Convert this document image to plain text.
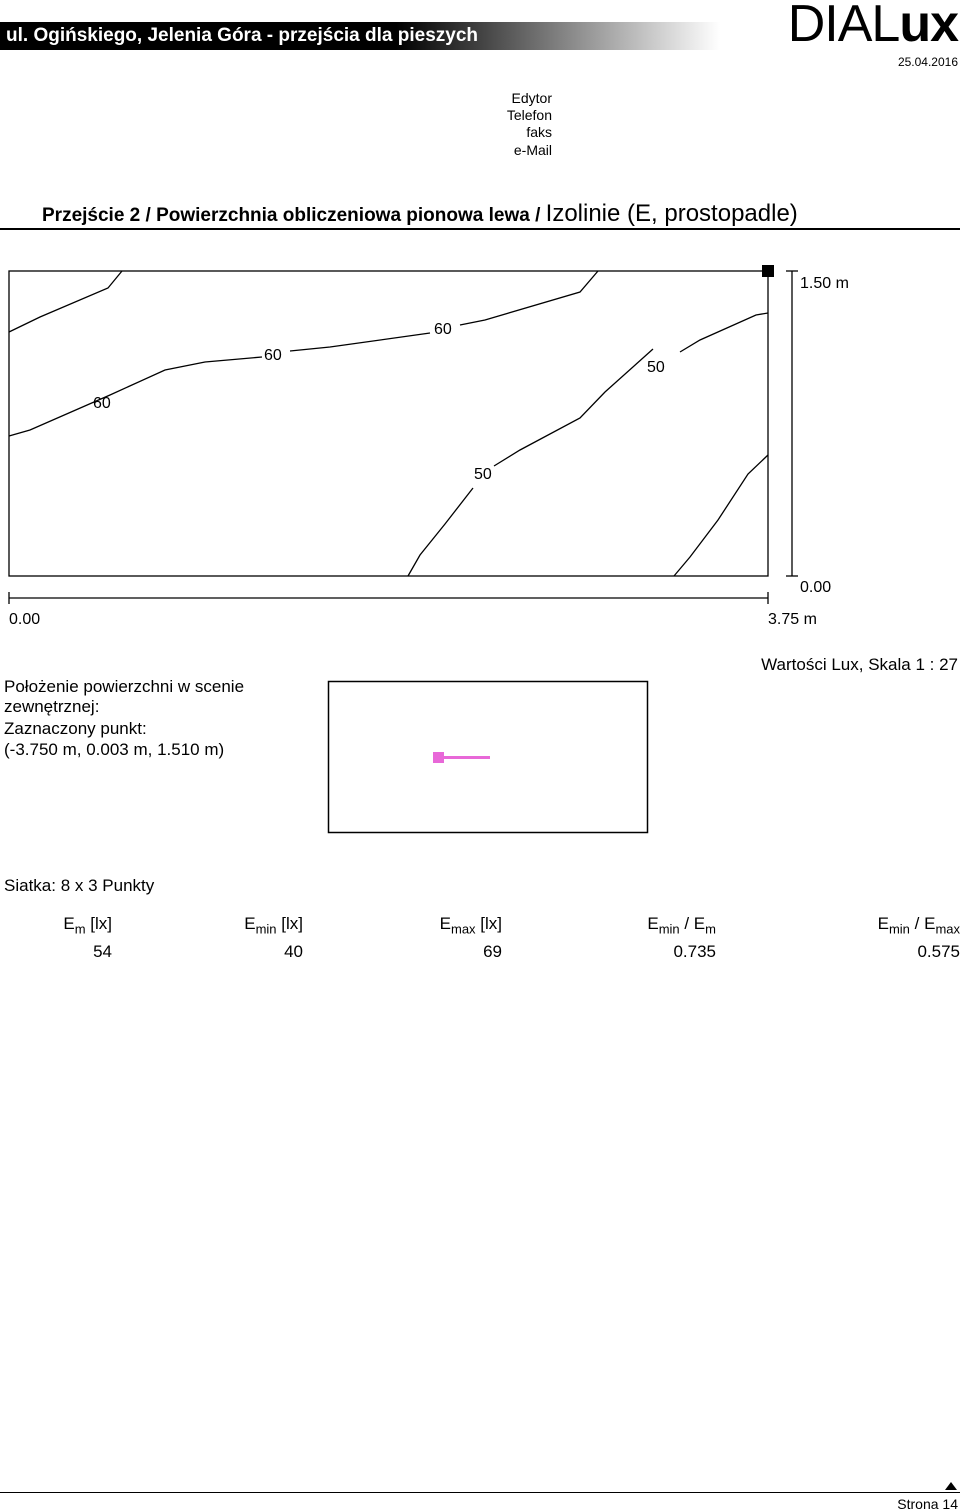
ul. Ogińskiego, Jelenia Góra - przejścia dla pieszych	DIALux
25.04.2016
Edytor
Telefon
faks
e-Mail
Przejście 2 / Powierzchnia obliczeniowa pionowa lewa / Izolinie (E, prostopadle)
60
60
60
50
50
1.50 m
0.00
0.00	3.75 m
Położenie powierzchni w scenie
zewnętrznej:
Zaznaczony punkt:
(-3.750 m, 0.003 m, 1.510 m)
Wartości Lux, Skala 1 : 27
Siatka: 8 x 3 Punkty
$E_m$ [lx]	$E_{min}$ [lx]	$E_{max}$ [lx]	$E_{min} / E_m$	$E_{min} / E_{max}$
54	40	69	0.735	0.575
Strona 14
